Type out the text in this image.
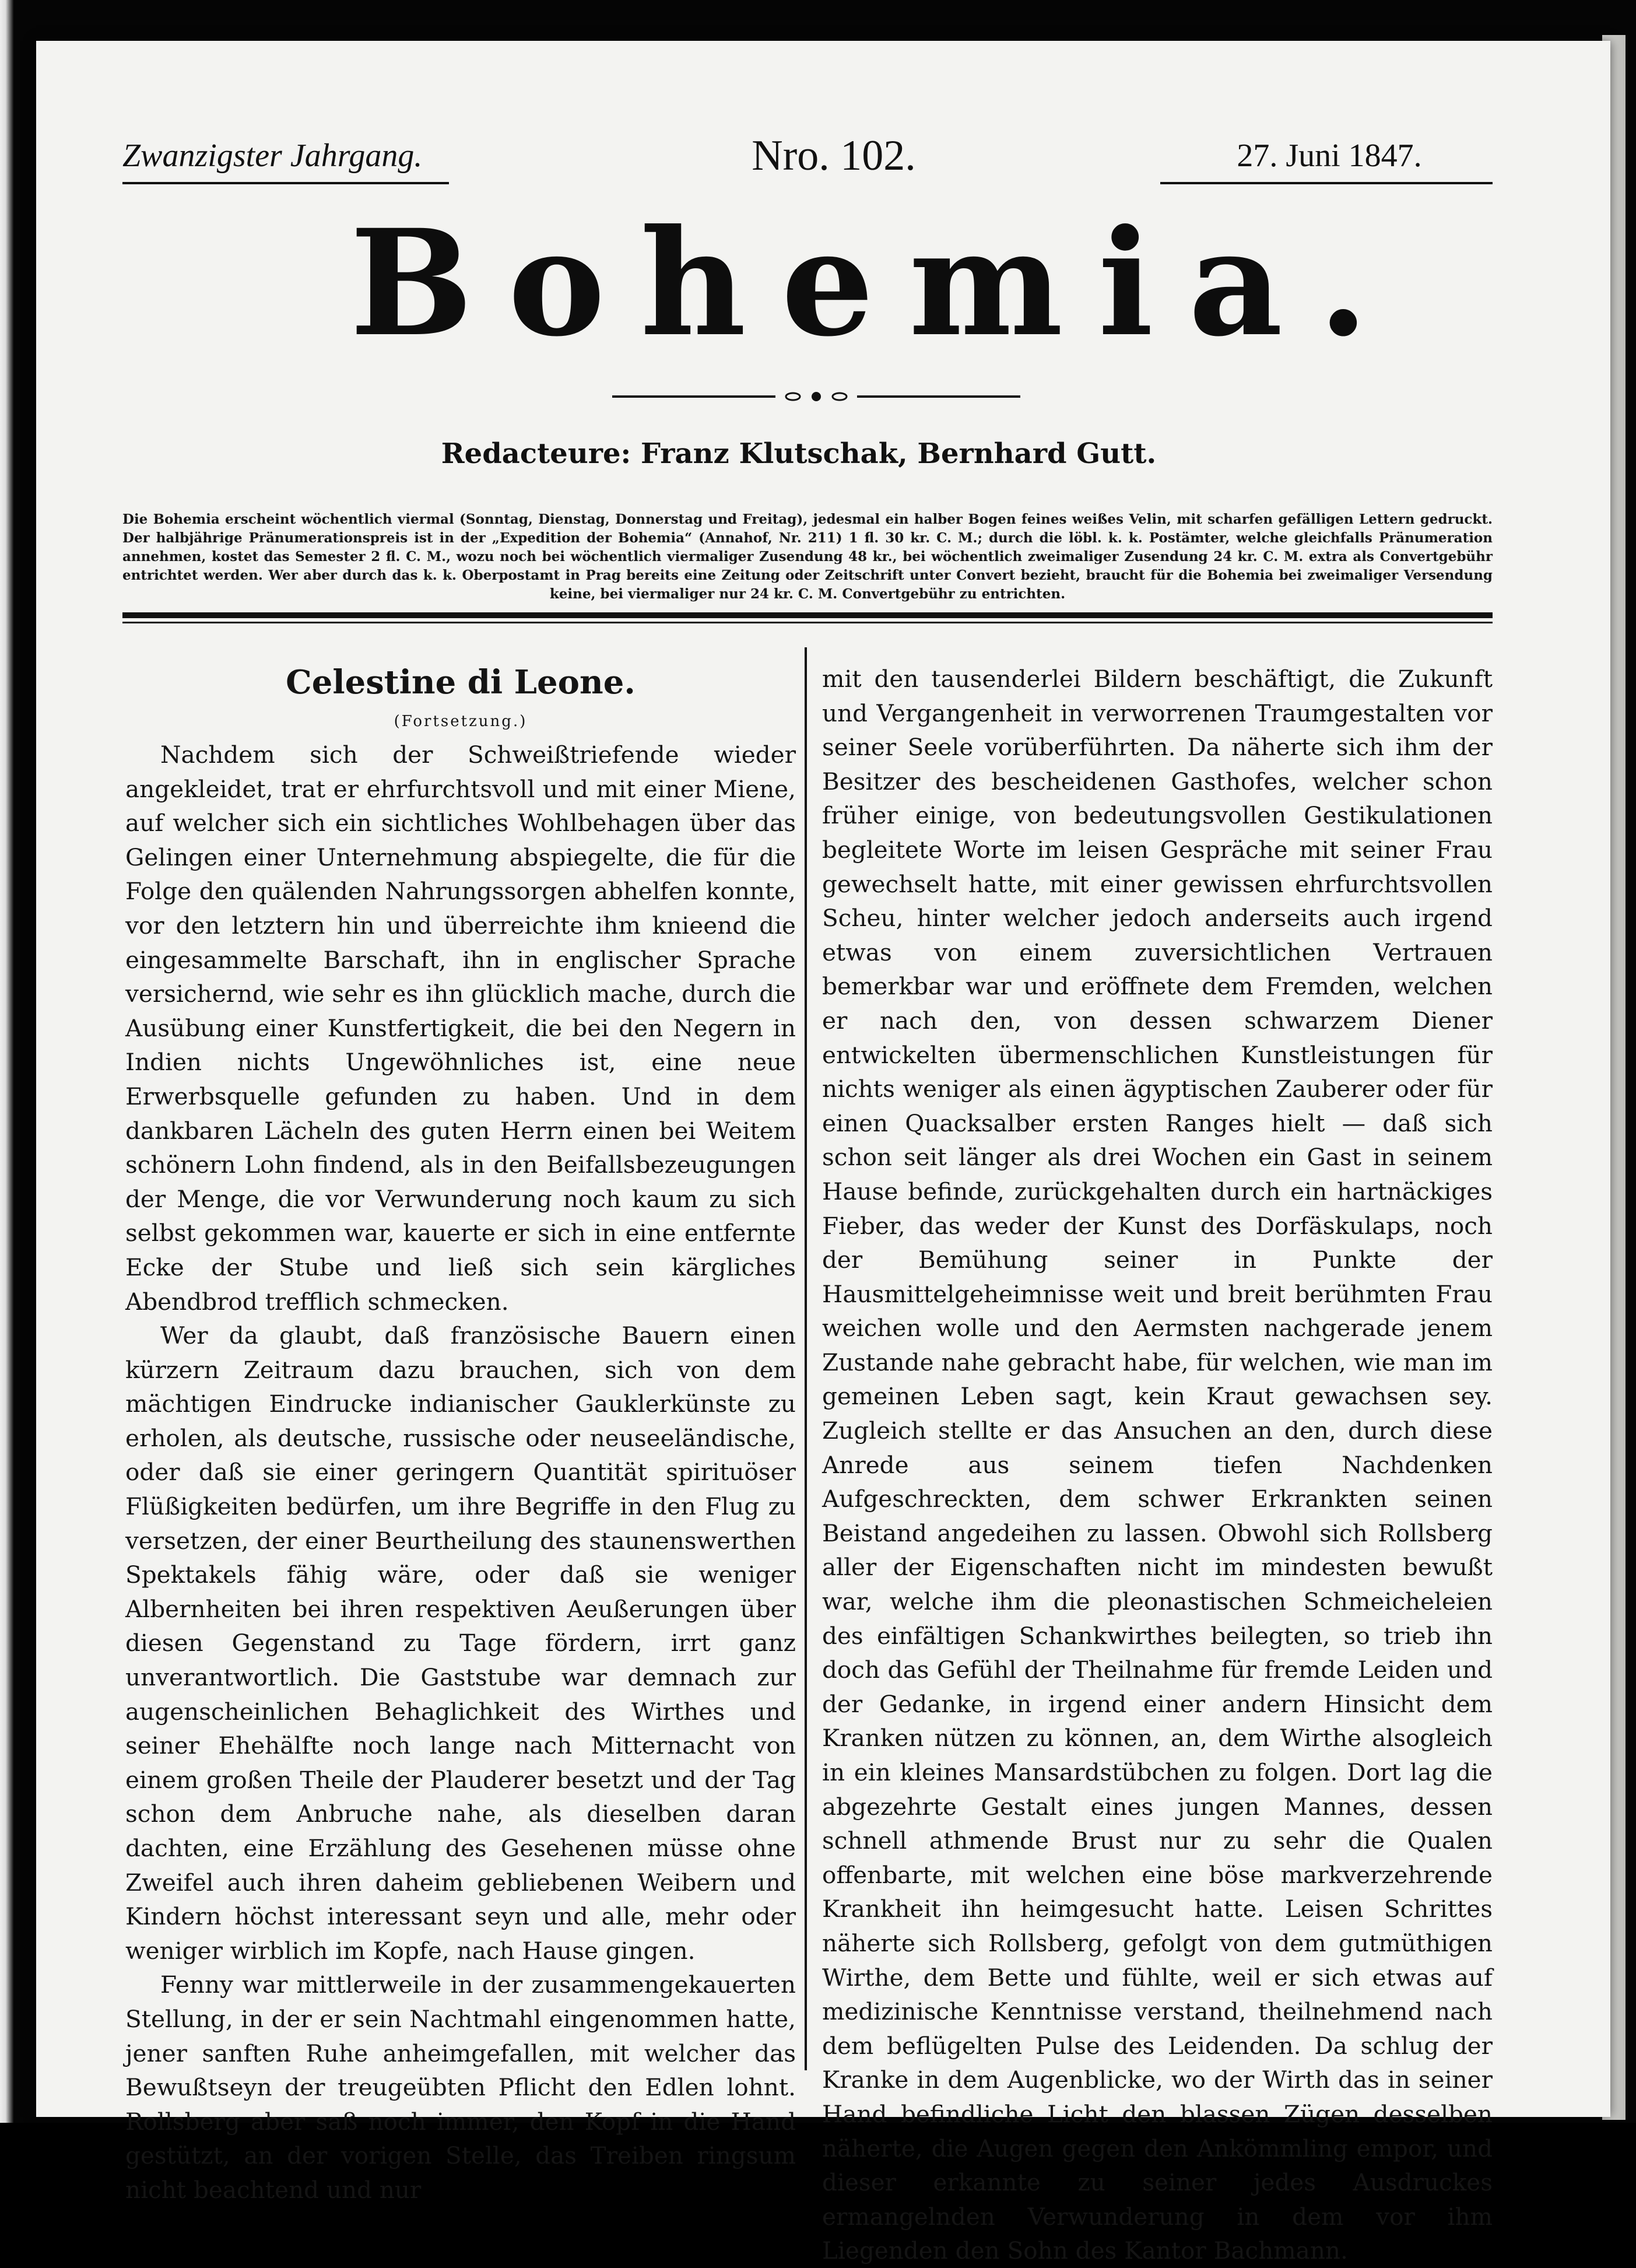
Zwanzigster Jahrgang.	Nro. 102.	27. Juni 1847.
Bohemia.
Redacteure: Franz Klutschak, Bernhard Gutt.
Die Bohemia erscheint wöchentlich viermal (Sonntag, Dienstag, Donnerstag und Freitag), jedesmal ein halber Bogen feines weißes Velin, mit scharfen gefälligen Lettern gedruckt. Der halbjährige Pränumerationspreis ist in der „Expedition der Bohemia“ (Annahof, Nr. 211) 1 fl. 30 kr. C. M.; durch die löbl. k. k. Postämter, welche gleichfalls Pränumeration annehmen, kostet das Semester 2 fl. C. M., wozu noch bei wöchentlich viermaliger Zusendung 48 kr., bei wöchentlich zweimaliger Zusendung 24 kr. C. M. extra als Convertgebühr entrichtet werden. Wer aber durch das k. k. Oberpostamt in Prag bereits eine Zeitung oder Zeitschrift unter Convert bezieht, braucht für die Bohemia bei zweimaliger Versendung keine, bei viermaliger nur 24 kr. C. M. Convertgebühr zu entrichten.
Celestine di Leone.
(Fortsetzung.)

Nachdem sich der Schweißtriefende wieder angekleidet, trat er ehrfurchtsvoll und mit einer Miene, auf welcher sich ein sichtliches Wohlbehagen über das Gelingen einer Unternehmung abspiegelte, die für die Folge den quälenden Nahrungssorgen abhelfen konnte, vor den letztern hin und überreichte ihm knieend die eingesammelte Barschaft, ihn in englischer Sprache versichernd, wie sehr es ihn glücklich mache, durch die Ausübung einer Kunstfertigkeit, die bei den Negern in Indien nichts Ungewöhnliches ist, eine neue Erwerbsquelle gefunden zu haben. Und in dem dankbaren Lächeln des guten Herrn einen bei Weitem schönern Lohn findend, als in den Beifallsbezeugungen der Menge, die vor Verwunderung noch kaum zu sich selbst gekommen war, kauerte er sich in eine entfernte Ecke der Stube und ließ sich sein kärgliches Abendbrod trefflich schmecken.

Wer da glaubt, daß französische Bauern einen kürzern Zeitraum dazu brauchen, sich von dem mächtigen Eindrucke indianischer Gauklerkünste zu erholen, als deutsche, russische oder neuseeländische, oder daß sie einer geringern Quantität spirituöser Flüßigkeiten bedürfen, um ihre Begriffe in den Flug zu versetzen, der einer Beurtheilung des staunenswerthen Spektakels fähig wäre, oder daß sie weniger Albernheiten bei ihren respektiven Aeußerungen über diesen Gegenstand zu Tage fördern, irrt ganz unverantwortlich. Die Gaststube war demnach zur augenscheinlichen Behaglichkeit des Wirthes und seiner Ehehälfte noch lange nach Mitternacht von einem großen Theile der Plauderer besetzt und der Tag schon dem Anbruche nahe, als dieselben daran dachten, eine Erzählung des Gesehenen müsse ohne Zweifel auch ihren daheim gebliebenen Weibern und Kindern höchst interessant seyn und alle, mehr oder weniger wirblich im Kopfe, nach Hause gingen.

Fenny war mittlerweile in der zusammengekauerten Stellung, in der er sein Nachtmahl eingenommen hatte, jener sanften Ruhe anheimgefallen, mit welcher das Bewußtseyn der treugeübten Pflicht den Edlen lohnt. Rollsberg aber saß noch immer, den Kopf in die Hand gestützt, an der vorigen Stelle, das Treiben ringsum nicht beachtend und nur

mit den tausenderlei Bildern beschäftigt, die Zukunft und Vergangenheit in verworrenen Traumgestalten vor seiner Seele vorüberführten. Da näherte sich ihm der Besitzer des bescheidenen Gasthofes, welcher schon früher einige, von bedeutungsvollen Gestikulationen begleitete Worte im leisen Gespräche mit seiner Frau gewechselt hatte, mit einer gewissen ehrfurchtsvollen Scheu, hinter welcher jedoch anderseits auch irgend etwas von einem zuversichtlichen Vertrauen bemerkbar war und eröffnete dem Fremden, welchen er nach den, von dessen schwarzem Diener entwickelten übermenschlichen Kunstleistungen für nichts weniger als einen ägyptischen Zauberer oder für einen Quacksalber ersten Ranges hielt — daß sich schon seit länger als drei Wochen ein Gast in seinem Hause befinde, zurückgehalten durch ein hartnäckiges Fieber, das weder der Kunst des Dorfäskulaps, noch der Bemühung seiner in Punkte der Hausmittelgeheimnisse weit und breit berühmten Frau weichen wolle und den Aermsten nachgerade jenem Zustande nahe gebracht habe, für welchen, wie man im gemeinen Leben sagt, kein Kraut gewachsen sey. Zugleich stellte er das Ansuchen an den, durch diese Anrede aus seinem tiefen Nachdenken Aufgeschreckten, dem schwer Erkrankten seinen Beistand angedeihen zu lassen. Obwohl sich Rollsberg aller der Eigenschaften nicht im mindesten bewußt war, welche ihm die pleonastischen Schmeicheleien des einfältigen Schankwirthes beilegten, so trieb ihn doch das Gefühl der Theilnahme für fremde Leiden und der Gedanke, in irgend einer andern Hinsicht dem Kranken nützen zu können, an, dem Wirthe alsogleich in ein kleines Mansardstübchen zu folgen. Dort lag die abgezehrte Gestalt eines jungen Mannes, dessen schnell athmende Brust nur zu sehr die Qualen offenbarte, mit welchen eine böse markverzehrende Krankheit ihn heimgesucht hatte. Leisen Schrittes näherte sich Rollsberg, gefolgt von dem gutmüthigen Wirthe, dem Bette und fühlte, weil er sich etwas auf medizinische Kenntnisse verstand, theilnehmend nach dem beflügelten Pulse des Leidenden. Da schlug der Kranke in dem Augenblicke, wo der Wirth das in seiner Hand befindliche Licht den blassen Zügen desselben näherte, die Augen gegen den Ankömmling empor, und dieser erkannte zu seiner jedes Ausdruckes ermangelnden Verwunderung in dem vor ihm Liegenden den Sohn des Kantor Bachmann.
